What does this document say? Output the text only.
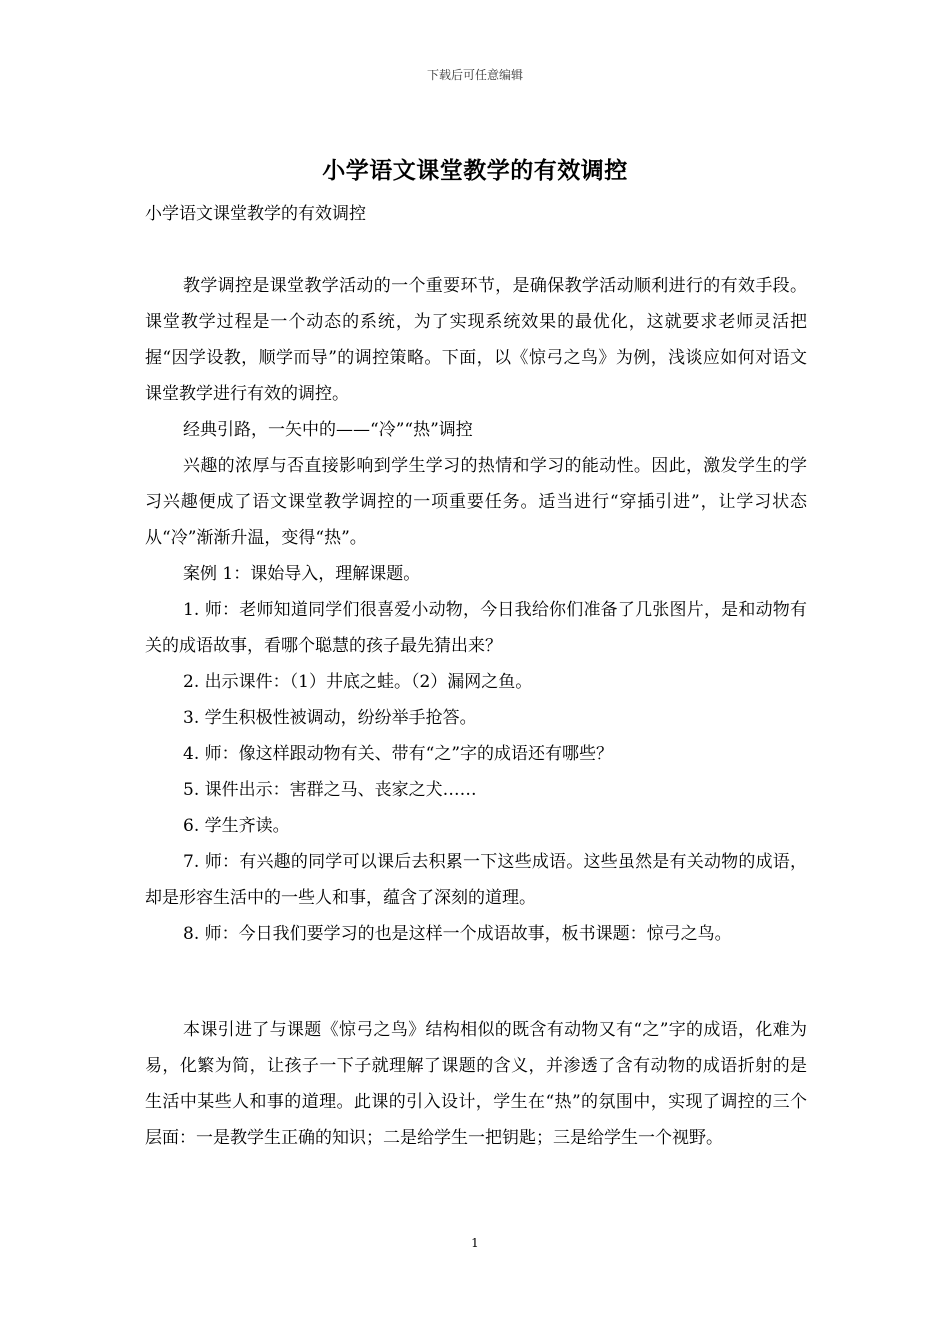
下载后可任意编辑
小学语文课堂教学的有效调控

小学语文课堂教学的有效调控

教学调控是课堂教学活动的一个重要环节，是确保教学活动顺利进行的有效手段。课堂教学过程是一个动态的系统，为了实现系统效果的最优化，这就要求老师灵活把握“因学设教，顺学而导”的调控策略。下面，以《惊弓之鸟》为例，浅谈应如何对语文课堂教学进行有效的调控。

经典引路，一矢中的——“冷”“热”调控

兴趣的浓厚与否直接影响到学生学习的热情和学习的能动性。因此，激发学生的学习兴趣便成了语文课堂教学调控的一项重要任务。适当进行“穿插引进”，让学习状态从“冷”渐渐升温，变得“热”。

案例 1：课始导入，理解课题。

1. 师：老师知道同学们很喜爱小动物，今日我给你们准备了几张图片，是和动物有关的成语故事，看哪个聪慧的孩子最先猜出来？

2. 出示课件：（1）井底之蛙。（2）漏网之鱼。

3. 学生积极性被调动，纷纷举手抢答。

4. 师：像这样跟动物有关、带有“之”字的成语还有哪些？

5. 课件出示：害群之马、丧家之犬……

6. 学生齐读。

7. 师：有兴趣的同学可以课后去积累一下这些成语。这些虽然是有关动物的成语，却是形容生活中的一些人和事，蕴含了深刻的道理。

8. 师：今日我们要学习的也是这样一个成语故事，板书课题：惊弓之鸟。

本课引进了与课题《惊弓之鸟》结构相似的既含有动物又有“之”字的成语，化难为易，化繁为简，让孩子一下子就理解了课题的含义，并渗透了含有动物的成语折射的是生活中某些人和事的道理。此课的引入设计，学生在“热”的氛围中，实现了调控的三个层面：一是教学生正确的知识；二是给学生一把钥匙；三是给学生一个视野。

1
